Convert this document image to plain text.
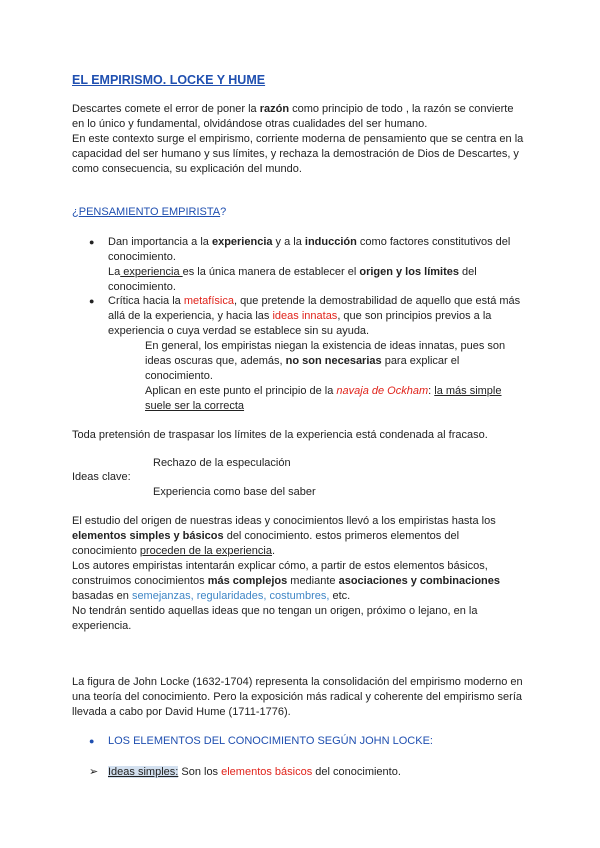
EL EMPIRISMO. LOCKE Y HUME
Descartes comete el error de poner la razón como principio de todo , la razón se convierte
en lo único y fundamental, olvidándose otras cualidades del ser humano.
En este contexto surge el empirismo, corriente moderna de pensamiento que se centra en la
capacidad del ser humano y sus límites, y rechaza la demostración de Dios de Descartes, y
como consecuencia, su explicación del mundo.
¿PENSAMIENTO EMPIRISTA?
● Dan importancia a la experiencia y a la inducción como factores constitutivos del
conocimiento.
La experiencia es la única manera de establecer el origen y los límites del
conocimiento.
● Crítica hacia la metafísica, que pretende la demostrabilidad de aquello que está más
allá de la experiencia, y hacia las ideas innatas, que son principios previos a la
experiencia o cuya verdad se establece sin su ayuda.
En general, los empiristas niegan la existencia de ideas innatas, pues son
ideas oscuras que, además, no son necesarias para explicar el
conocimiento.
Aplican en este punto el principio de la navaja de Ockham: la más simple
suele ser la correcta
Toda pretensión de traspasar los límites de la experiencia está condenada al fracaso.
Rechazo de la especulación
Ideas clave:
Experiencia como base del saber
El estudio del origen de nuestras ideas y conocimientos llevó a los empiristas hasta los
elementos simples y básicos del conocimiento. estos primeros elementos del
conocimiento proceden de la experiencia.
Los autores empiristas intentarán explicar cómo, a partir de estos elementos básicos,
construimos conocimientos más complejos mediante asociaciones y combinaciones
basadas en semejanzas, regularidades, costumbres, etc.
No tendrán sentido aquellas ideas que no tengan un origen, próximo o lejano, en la
experiencia.
La figura de John Locke (1632-1704) representa la consolidación del empirismo moderno en
una teoría del conocimiento. Pero la exposición más radical y coherente del empirismo sería
llevada a cabo por David Hume (1711-1776).
● LOS ELEMENTOS DEL CONOCIMIENTO SEGÚN JOHN LOCKE:
➢ Ideas simples: Son los elementos básicos del conocimiento.
